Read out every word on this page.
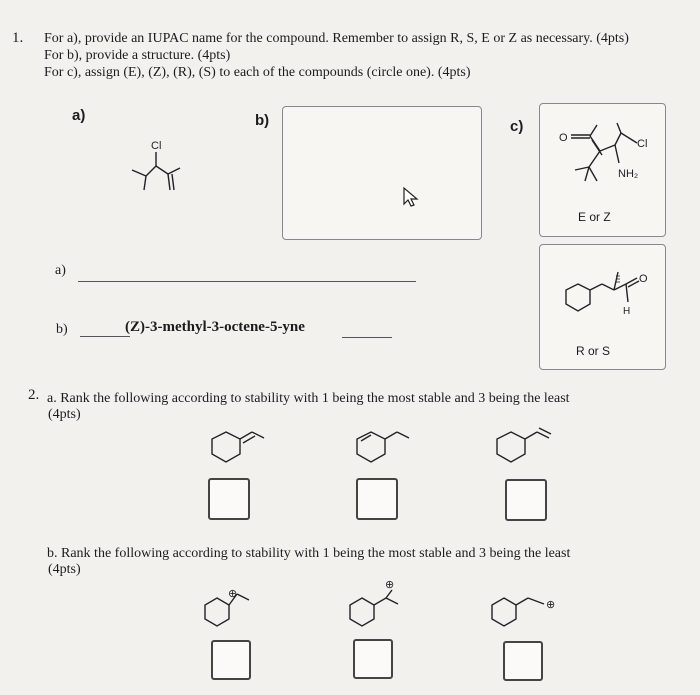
1. For a), provide an IUPAC name for the compound. Remember to assign R, S, E or Z as necessary. (4pts)
For b), provide a structure. (4pts)
For c), assign (E), (Z), (R), (S) to each of the compounds (circle one). (4pts)
a)	b)	c)
Cl
O	Cl
NH₂
E or Z
O
H
R or S
a)
b)	(Z)-3-methyl-3-octene-5-yne
2. a. Rank the following according to stability with 1 being the most stable and 3 being the least
(4pts)
b. Rank the following according to stability with 1 being the most stable and 3 being the least
(4pts)
⊕
⊕
⊕
